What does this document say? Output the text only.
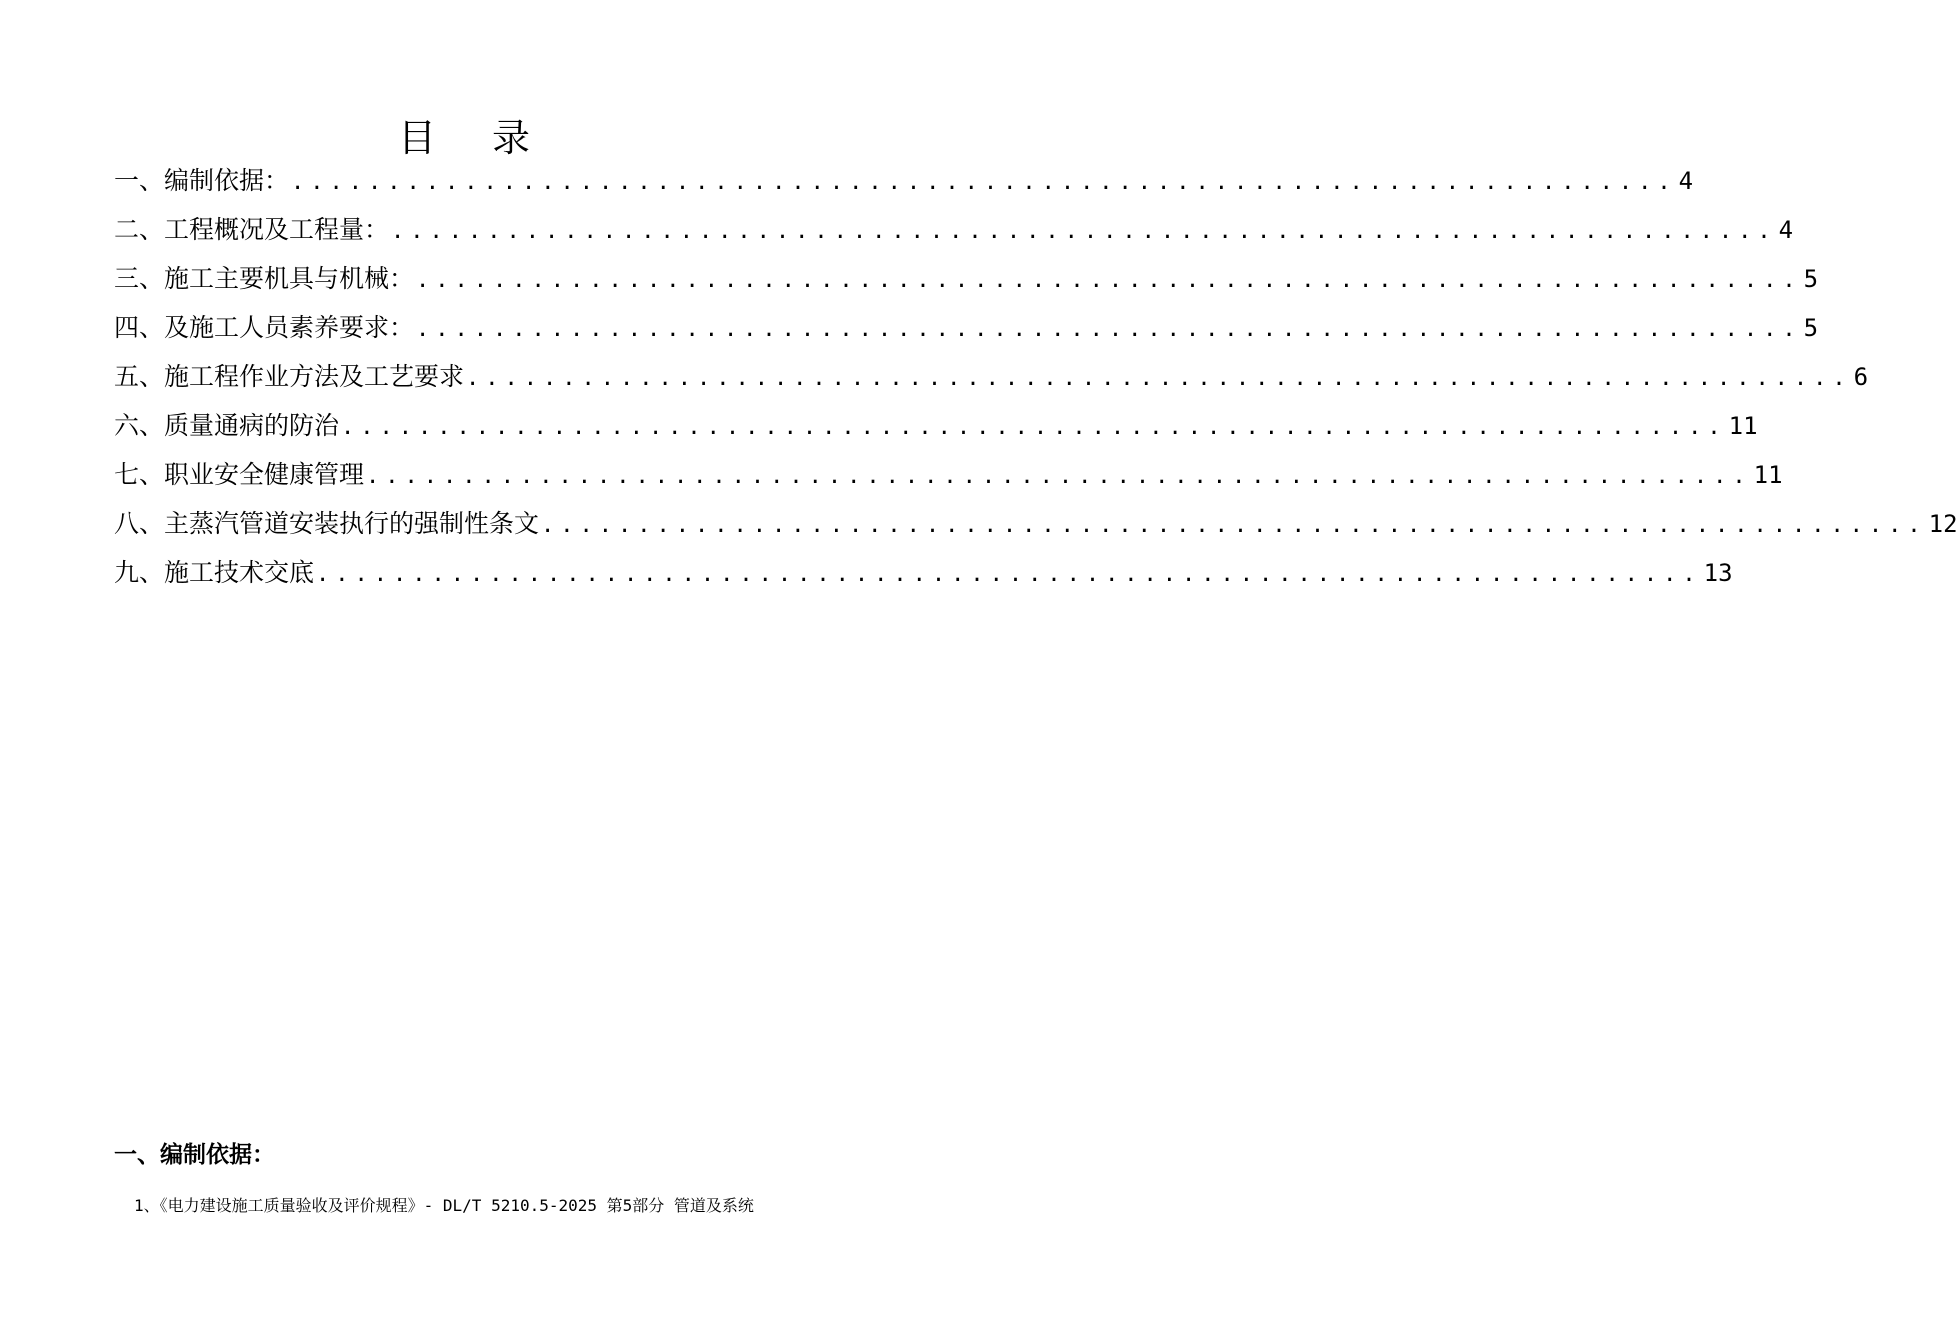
目 录
一、编制依据： ........................................................................ 4
二、工程概况及工程量： ........................................................................ 4
三、施工主要机具与机械： ........................................................................ 5
四、及施工人员素养要求： ........................................................................ 5
五、施工程作业方法及工艺要求 ........................................................................ 6
六、质量通病的防治 ........................................................................ 11
七、职业安全健康管理 ........................................................................ 11
八、主蒸汽管道安装执行的强制性条文 ........................................................................ 12
九、施工技术交底 ........................................................................ 13
一、编制依据：
1、《电力建设施工质量验收及评价规程》- DL/T 5210.5-2025 第5部分 管道及系统
